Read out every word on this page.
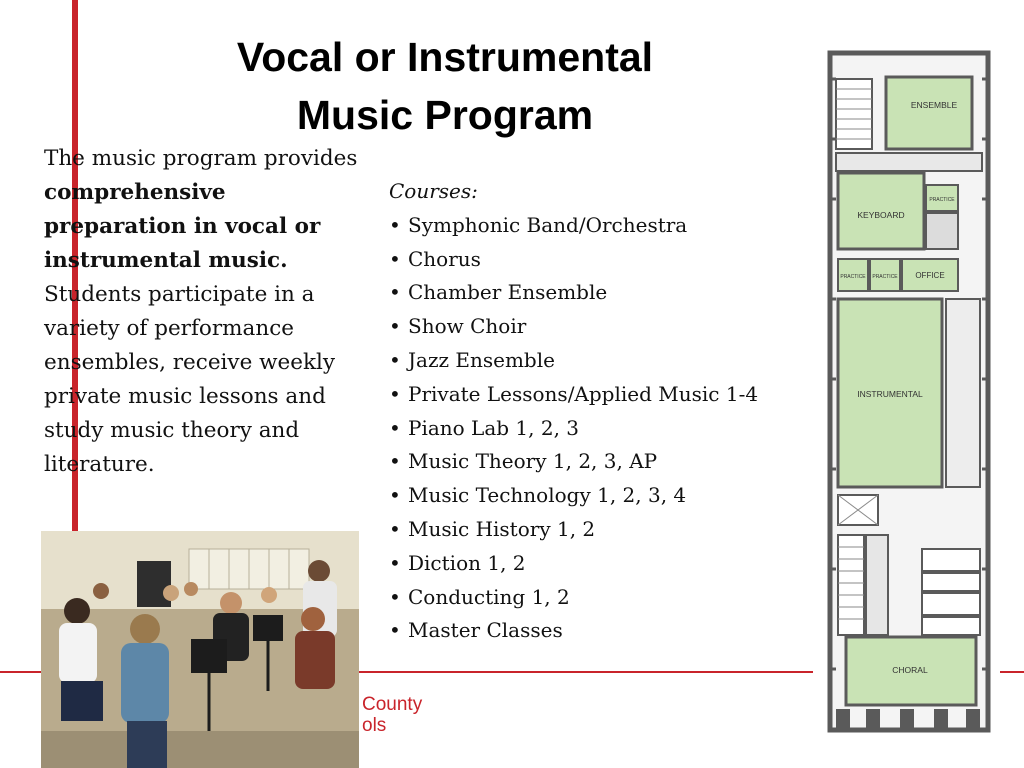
Vocal or Instrumental
Music Program
The music program provides comprehensive preparation in vocal or instrumental music. Students participate in a variety of performance ensembles, receive weekly private music lessons and study music theory and literature.
Courses:
• Symphonic Band/Orchestra
• Chorus
• Chamber Ensemble
• Show Choir
• Jazz Ensemble
• Private Lessons/Applied Music 1-4
• Piano Lab 1, 2, 3
• Music Theory 1, 2, 3, AP
• Music Technology 1, 2, 3, 4
• Music History 1, 2
• Diction 1, 2
• Conducting 1, 2
• Master Classes
County
ols
ENSEMBLE
KEYBOARD
PRACTICE
PRACTICE PRACTICE OFFICE
INSTRUMENTAL
CHORAL
